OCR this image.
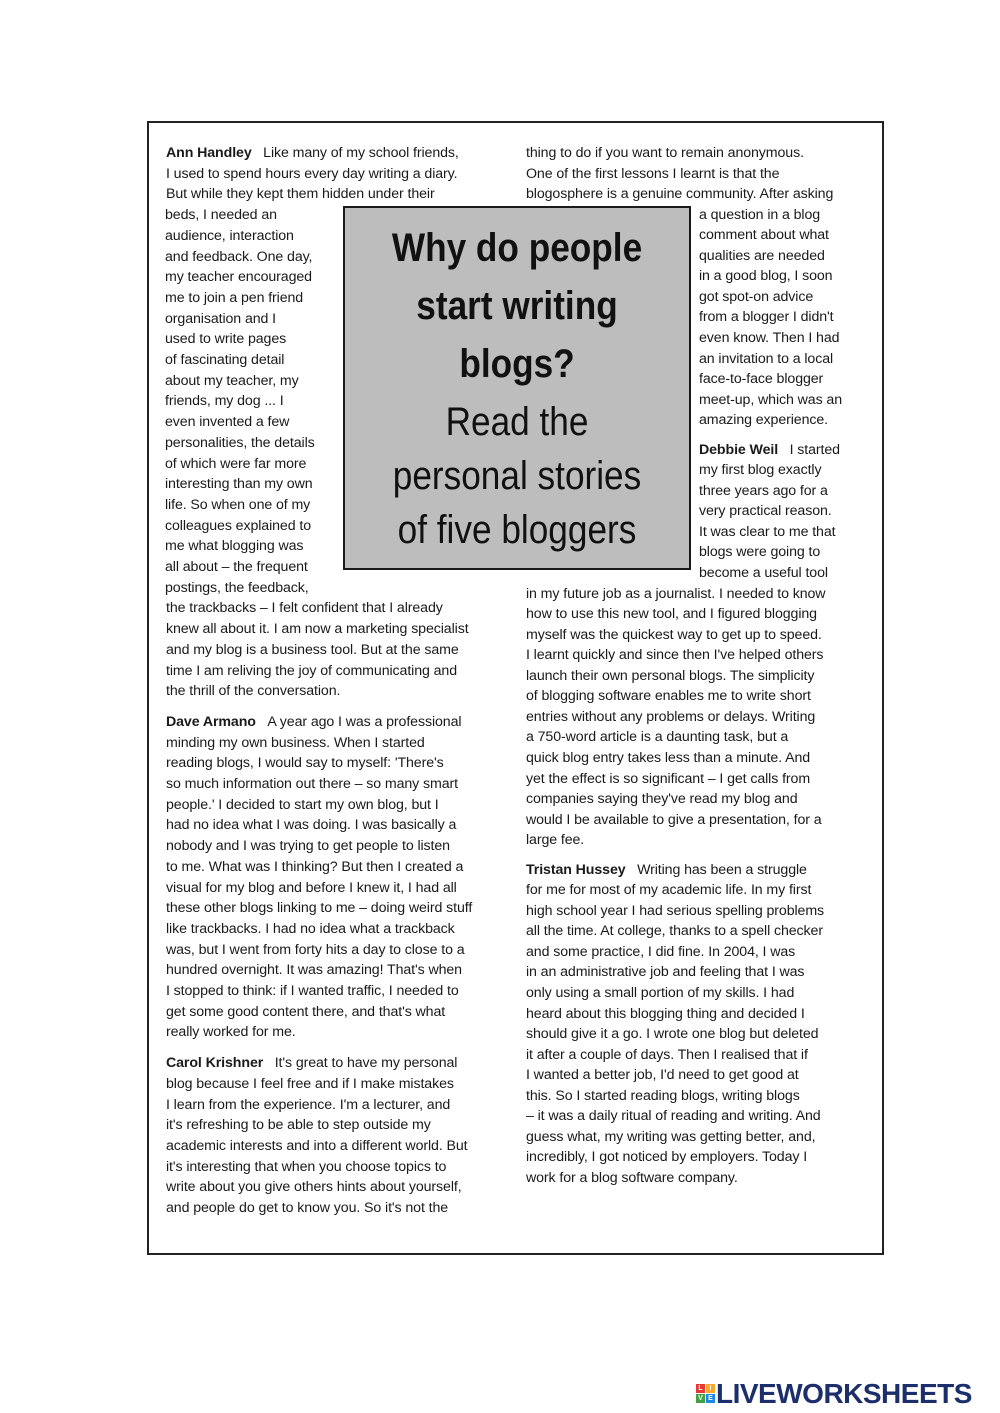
Ann Handley Like many of my school friends,
I used to spend hours every day writing a diary.
But while they kept them hidden under their
beds, I needed an
audience, interaction
and feedback. One day,
my teacher encouraged
me to join a pen friend
organisation and I
used to write pages
of fascinating detail
about my teacher, my
friends, my dog ... I
even invented a few
personalities, the details
of which were far more
interesting than my own
life. So when one of my
colleagues explained to
me what blogging was
all about – the frequent
postings, the feedback,
the trackbacks – I felt confident that I already
knew all about it. I am now a marketing specialist
and my blog is a business tool. But at the same
time I am reliving the joy of communicating and
the thrill of the conversation.
Dave Armano A year ago I was a professional
minding my own business. When I started
reading blogs, I would say to myself: 'There's
so much information out there – so many smart
people.' I decided to start my own blog, but I
had no idea what I was doing. I was basically a
nobody and I was trying to get people to listen
to me. What was I thinking? But then I created a
visual for my blog and before I knew it, I had all
these other blogs linking to me – doing weird stuff
like trackbacks. I had no idea what a trackback
was, but I went from forty hits a day to close to a
hundred overnight. It was amazing! That's when
I stopped to think: if I wanted traffic, I needed to
get some good content there, and that's what
really worked for me.
Carol Krishner It's great to have my personal
blog because I feel free and if I make mistakes
I learn from the experience. I'm a lecturer, and
it's refreshing to be able to step outside my
academic interests and into a different world. But
it's interesting that when you choose topics to
write about you give others hints about yourself,
and people do get to know you. So it's not the
thing to do if you want to remain anonymous.
One of the first lessons I learnt is that the
blogosphere is a genuine community. After asking
a question in a blog
comment about what
qualities are needed
in a good blog, I soon
got spot-on advice
from a blogger I didn't
even know. Then I had
an invitation to a local
face-to-face blogger
meet-up, which was an
amazing experience.
Debbie Weil I started
my first blog exactly
three years ago for a
very practical reason.
It was clear to me that
blogs were going to
become a useful tool
in my future job as a journalist. I needed to know
how to use this new tool, and I figured blogging
myself was the quickest way to get up to speed.
I learnt quickly and since then I've helped others
launch their own personal blogs. The simplicity
of blogging software enables me to write short
entries without any problems or delays. Writing
a 750-word article is a daunting task, but a
quick blog entry takes less than a minute. And
yet the effect is so significant – I get calls from
companies saying they've read my blog and
would I be available to give a presentation, for a
large fee.
Tristan Hussey Writing has been a struggle
for me for most of my academic life. In my first
high school year I had serious spelling problems
all the time. At college, thanks to a spell checker
and some practice, I did fine. In 2004, I was
in an administrative job and feeling that I was
only using a small portion of my skills. I had
heard about this blogging thing and decided I
should give it a go. I wrote one blog but deleted
it after a couple of days. Then I realised that if
I wanted a better job, I'd need to get good at
this. So I started reading blogs, writing blogs
– it was a daily ritual of reading and writing. And
guess what, my writing was getting better, and,
incredibly, I got noticed by employers. Today I
work for a blog software company.
Why do people
start writing
blogs?
Read the
personal stories
of five bloggers
L I
V E LIVEWORKSHEETS
